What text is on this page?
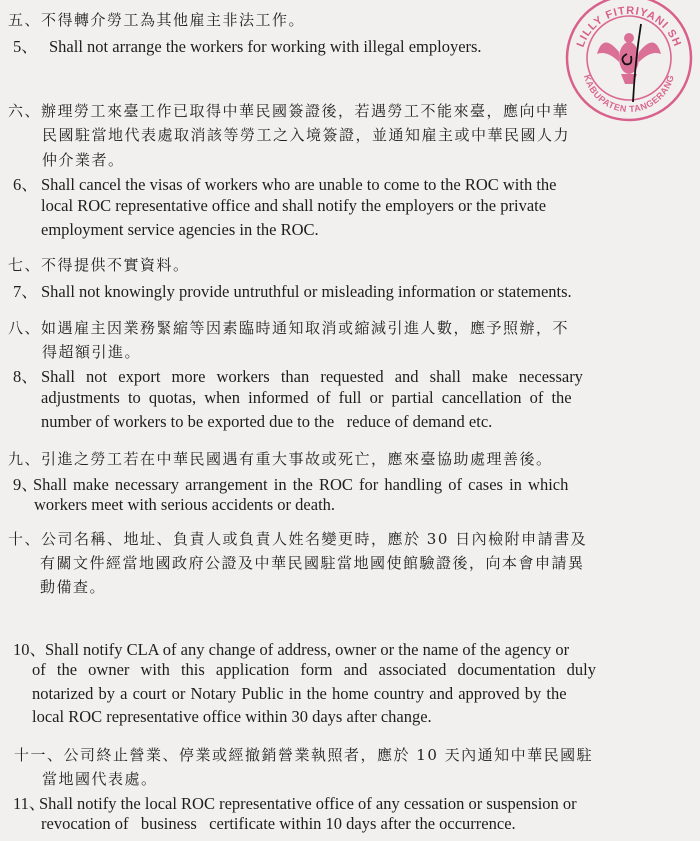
五、不得轉介勞工為其他雇主非法工作。
5、 Shall not arrange the workers for working with illegal employers.
六、辦理勞工來臺工作已取得中華民國簽證後，若遇勞工不能來臺，應向中華
民國駐當地代表處取消該等勞工之入境簽證，並通知雇主或中華民國人力
仲介業者。
6、 Shall cancel the visas of workers who are unable to come to the ROC with the
local ROC representative office and shall notify the employers or the private
employment service agencies in the ROC.
七、不得提供不實資料。
7、 Shall not knowingly provide untruthful or misleading information or statements.
八、如遇雇主因業務緊縮等因素臨時通知取消或縮減引進人數，應予照辦，不
得超額引進。
8、 Shall not export more workers than requested and shall make necessary
adjustments to quotas, when informed of full or partial cancellation of the
number of workers to be exported due to the   reduce of demand etc.
九、引進之勞工若在中華民國遇有重大事故或死亡，應來臺協助處理善後。
9、Shall make necessary arrangement in the ROC for handling of cases in which
workers meet with serious accidents or death.
十、公司名稱、地址、負責人或負責人姓名變更時，應於 30 日內檢附申請書及
有關文件經當地國政府公證及中華民國駐當地國使館驗證後，向本會申請異
動備查。
10、Shall notify CLA of any change of address, owner or the name of the agency or
of the owner with this application form and associated documentation duly
notarized by a court or Notary Public in the home country and approved by the
local ROC representative office within 30 days after change.
十一、公司終止營業、停業或經撤銷營業執照者，應於 10 天內通知中華民國駐
當地國代表處。
11、Shall notify the local ROC representative office of any cessation or suspension or
revocation of   business   certificate within 10 days after the occurrence.
LILLY FITRIYANI SH
KABUPATEN TANGERANG
